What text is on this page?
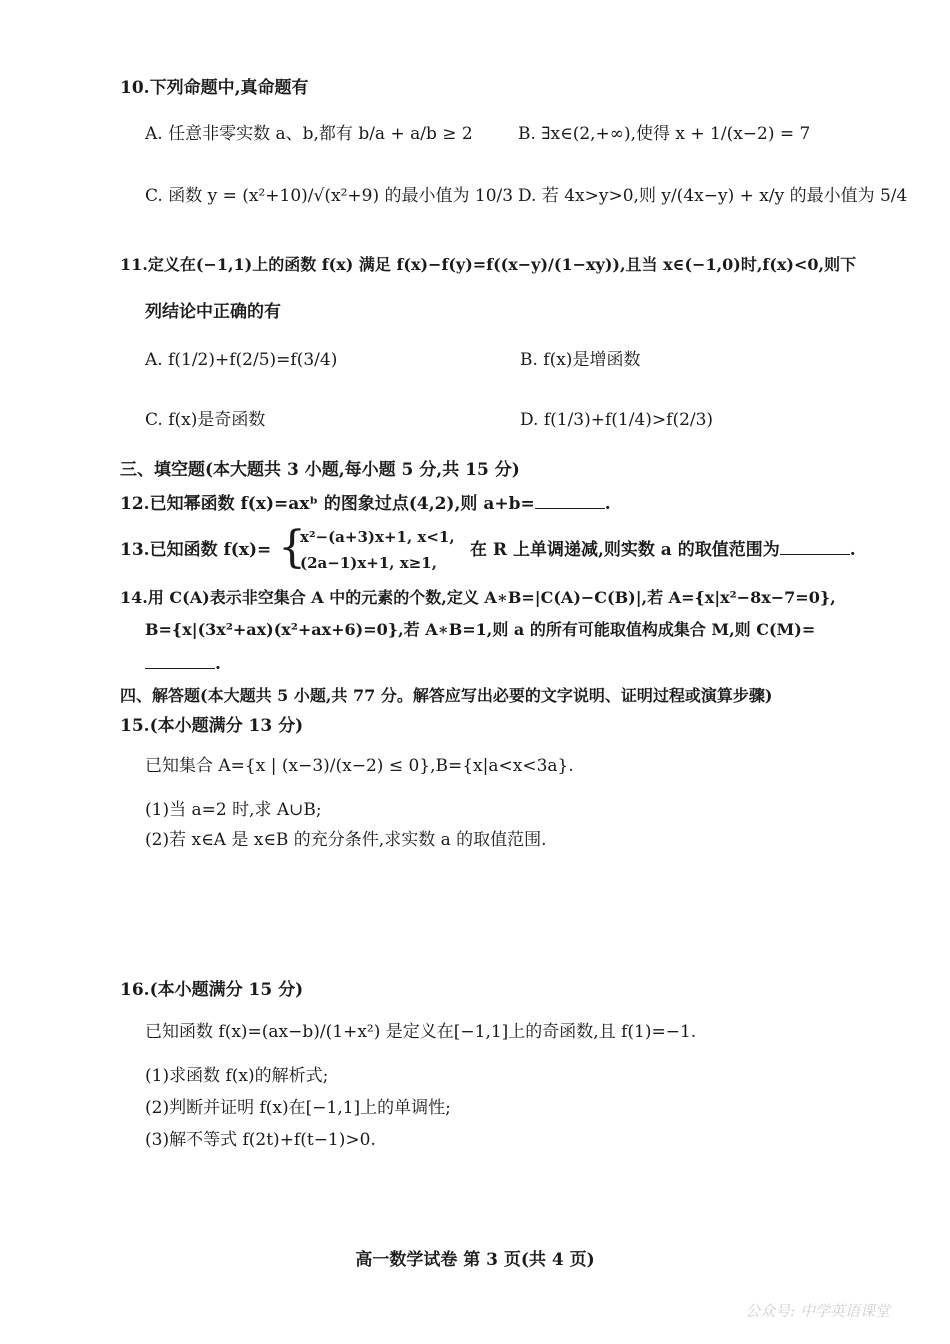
10.下列命题中,真命题有
A. 任意非零实数 a、b,都有 b/a + a/b ≥ 2	B. ∃x∈(2,+∞),使得 x + 1/(x−2) = 7
C. 函数 y = (x²+10)/√(x²+9) 的最小值为 10/3 D. 若 4x>y>0,则 y/(4x−y) + x/y 的最小值为 5/4
11.定义在(−1,1)上的函数 f(x) 满足 f(x)−f(y)=f((x−y)/(1−xy)),且当 x∈(−1,0)时,f(x)<0,则下
列结论中正确的有
A. f(1/2)+f(2/5)=f(3/4)	B. f(x)是增函数
C. f(x)是奇函数	D. f(1/3)+f(1/4)>f(2/3)
三、填空题(本大题共 3 小题,每小题 5 分,共 15 分)
12.已知幂函数 f(x)=axᵇ 的图象过点(4,2),则 a+b=	.
13.已知函数 f(x)= {
x²−(a+3)x+1, x<1,
(2a−1)x+1, x≥1,
在 R 上单调递减,则实数 a 的取值范围为	.
14.用 C(A)表示非空集合 A 中的元素的个数,定义 A∗B=|C(A)−C(B)|,若 A={x|x²−8x−7=0},
B={x|(3x²+ax)(x²+ax+6)=0},若 A∗B=1,则 a 的所有可能取值构成集合 M,则 C(M)=
.
四、解答题(本大题共 5 小题,共 77 分。解答应写出必要的文字说明、证明过程或演算步骤)
15.(本小题满分 13 分)
已知集合 A={x | (x−3)/(x−2) ≤ 0},B={x|a<x<3a}.
(1)当 a=2 时,求 A∪B;
(2)若 x∈A 是 x∈B 的充分条件,求实数 a 的取值范围.
16.(本小题满分 15 分)
已知函数 f(x)=(ax−b)/(1+x²) 是定义在[−1,1]上的奇函数,且 f(1)=−1.
(1)求函数 f(x)的解析式;
(2)判断并证明 f(x)在[−1,1]上的单调性;
(3)解不等式 f(2t)+f(t−1)>0.
高一数学试卷 第 3 页(共 4 页)
公众号: 中学英语课堂
